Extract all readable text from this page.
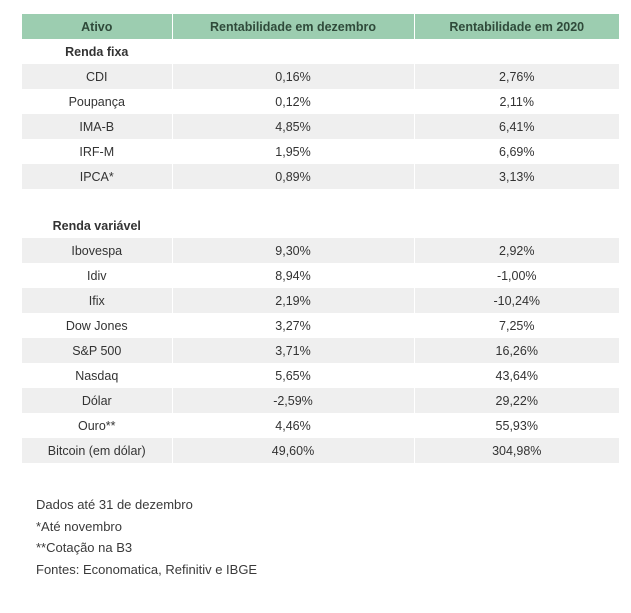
Ativo	Rentabilidade em dezembro	Rentabilidade em 2020
Renda fixa		
CDI	0,16%	2,76%
Poupança	0,12%	2,11%
IMA-B	4,85%	6,41%
IRF-M	1,95%	6,69%
IPCA*	0,89%	3,13%

Renda variável		
Ibovespa	9,30%	2,92%
Idiv	8,94%	-1,00%
Ifix	2,19%	-10,24%
Dow Jones	3,27%	7,25%
S&P 500	3,71%	16,26%
Nasdaq	5,65%	43,64%
Dólar	-2,59%	29,22%
Ouro**	4,46%	55,93%
Bitcoin (em dólar)	49,60%	304,98%
Dados até 31 de dezembro
*Até novembro
**Cotação na B3
Fontes: Economatica, Refinitiv e IBGE
